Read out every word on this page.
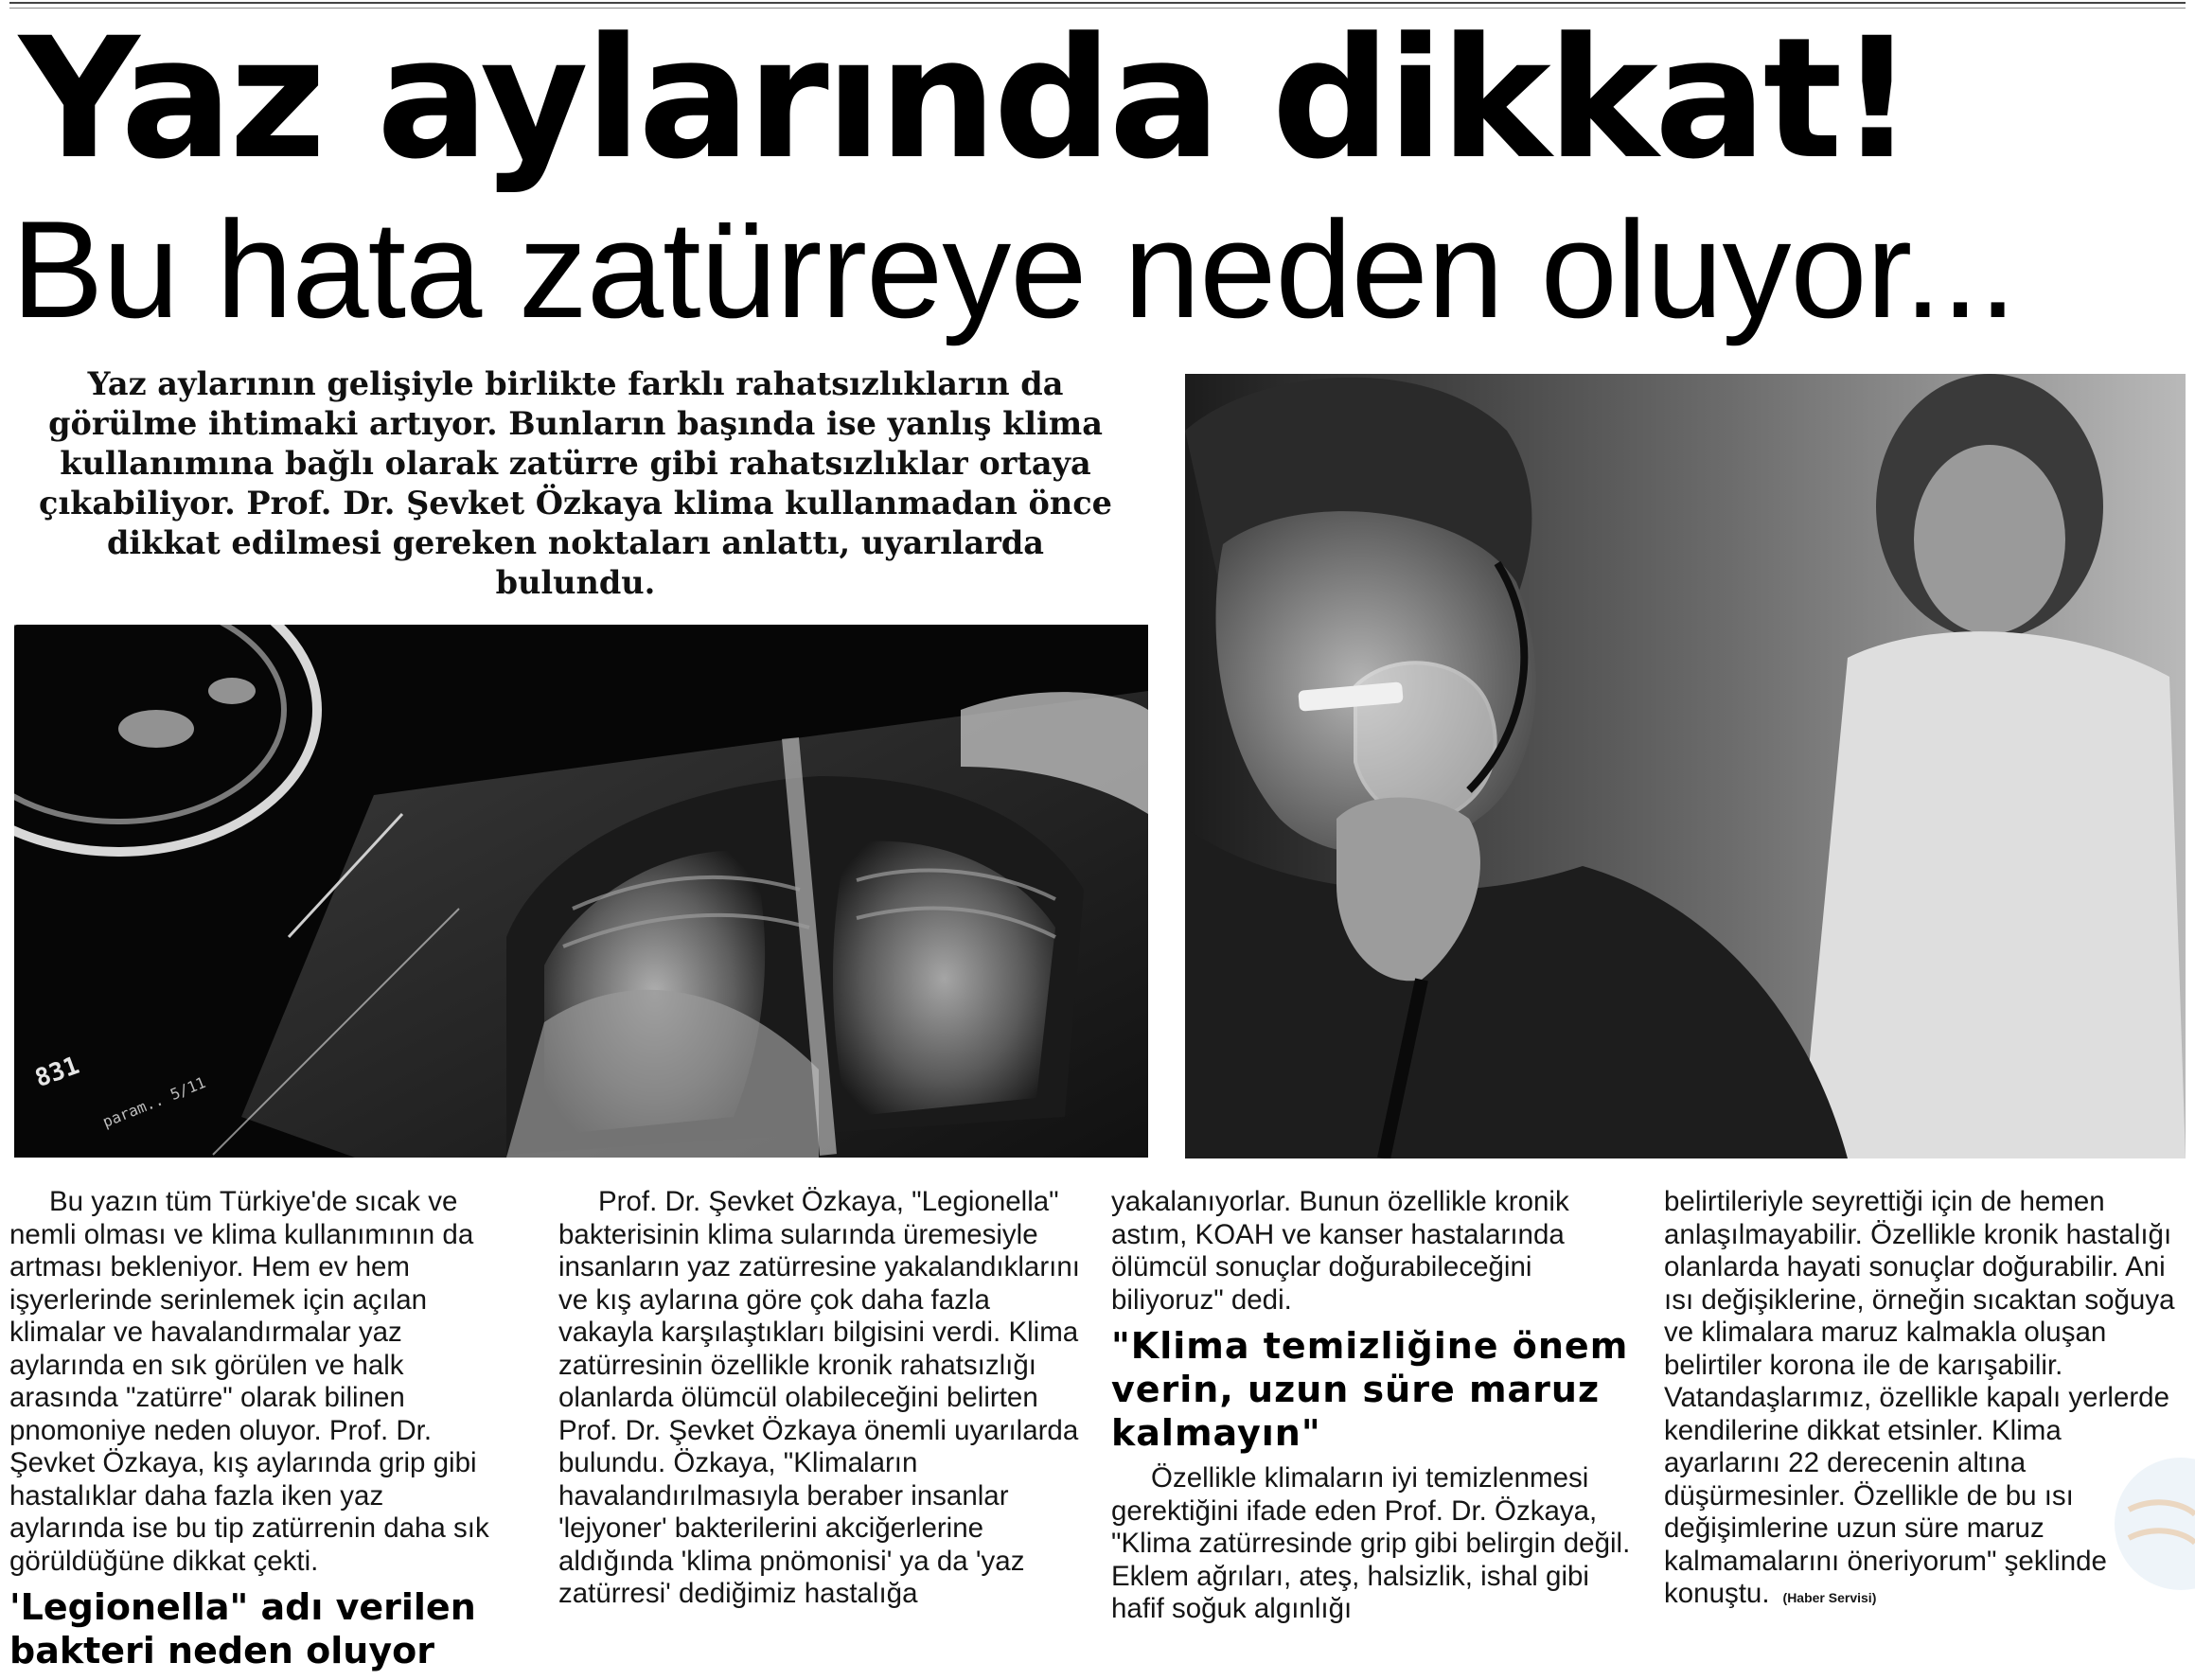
Yaz aylarında dikkat!
Bu hata zatürreye neden oluyor...
Yaz aylarının gelişiyle birlikte farklı rahatsızlıkların da görülme ihtimaki artıyor. Bunların başında ise yanlış klima kullanımına bağlı olarak zatürre gibi rahatsızlıklar ortaya çıkabiliyor. Prof. Dr. Şevket Özkaya klima kullanmadan önce dikkat edilmesi gereken noktaları anlattı, uyarılarda bulundu.
831
param.. 5/11

Bu yazın tüm Türkiye'de sıcak ve nemli olması ve klima kullanımının da artması bekleniyor. Hem ev hem işyerlerinde serinlemek için açılan klimalar ve havalandırmalar yaz aylarında en sık görülen ve halk arasında "zatürre" olarak bilinen pnomoniye neden oluyor. Prof. Dr. Şevket Özkaya, kış aylarında grip gibi hastalıklar daha fazla iken yaz aylarında ise bu tip zatürrenin daha sık görüldüğüne dikkat çekti.

'Legionella" adı verilen bakteri neden oluyor

Prof. Dr. Şevket Özkaya, "Legionella" bakterisinin klima sularında üremesiyle insanların yaz zatürresine yakalandıklarını ve kış aylarına göre çok daha fazla vakayla karşılaştıkları bilgisini verdi. Klima zatürresinin özellikle kronik rahatsızlığı olanlarda ölümcül olabileceğini belirten Prof. Dr. Şevket Özkaya önemli uyarılarda bulundu. Özkaya, "Klimaların havalandırılmasıyla beraber insanlar 'lejyoner' bakterilerini akciğerlerine aldığında 'klima pnömonisi' ya da 'yaz zatürresi' dediğimiz hastalığa

yakalanıyorlar. Bunun özellikle kronik astım, KOAH ve kanser hastalarında ölümcül sonuçlar doğurabileceğini biliyoruz" dedi.

"Klima temizliğine önem verin, uzun süre maruz kalmayın"

Özellikle klimaların iyi temizlenmesi gerektiğini ifade eden Prof. Dr. Özkaya, "Klima zatürresinde grip gibi belirgin değil. Eklem ağrıları, ateş, halsizlik, ishal gibi hafif soğuk algınlığı

belirtileriyle seyrettiği için de hemen anlaşılmayabilir. Özellikle kronik hastalığı olanlarda hayati sonuçlar doğurabilir. Ani ısı değişiklerine, örneğin sıcaktan soğuya ve klimalara maruz kalmakla oluşan belirtiler korona ile de karışabilir. Vatandaşlarımız, özellikle kapalı yerlerde kendilerine dikkat etsinler. Klima ayarlarını 22 derecenin altına düşürmesinler. Özellikle de bu ısı değişimlerine uzun süre maruz kalmamalarını öneriyorum" şeklinde konuştu. (Haber Servisi)
